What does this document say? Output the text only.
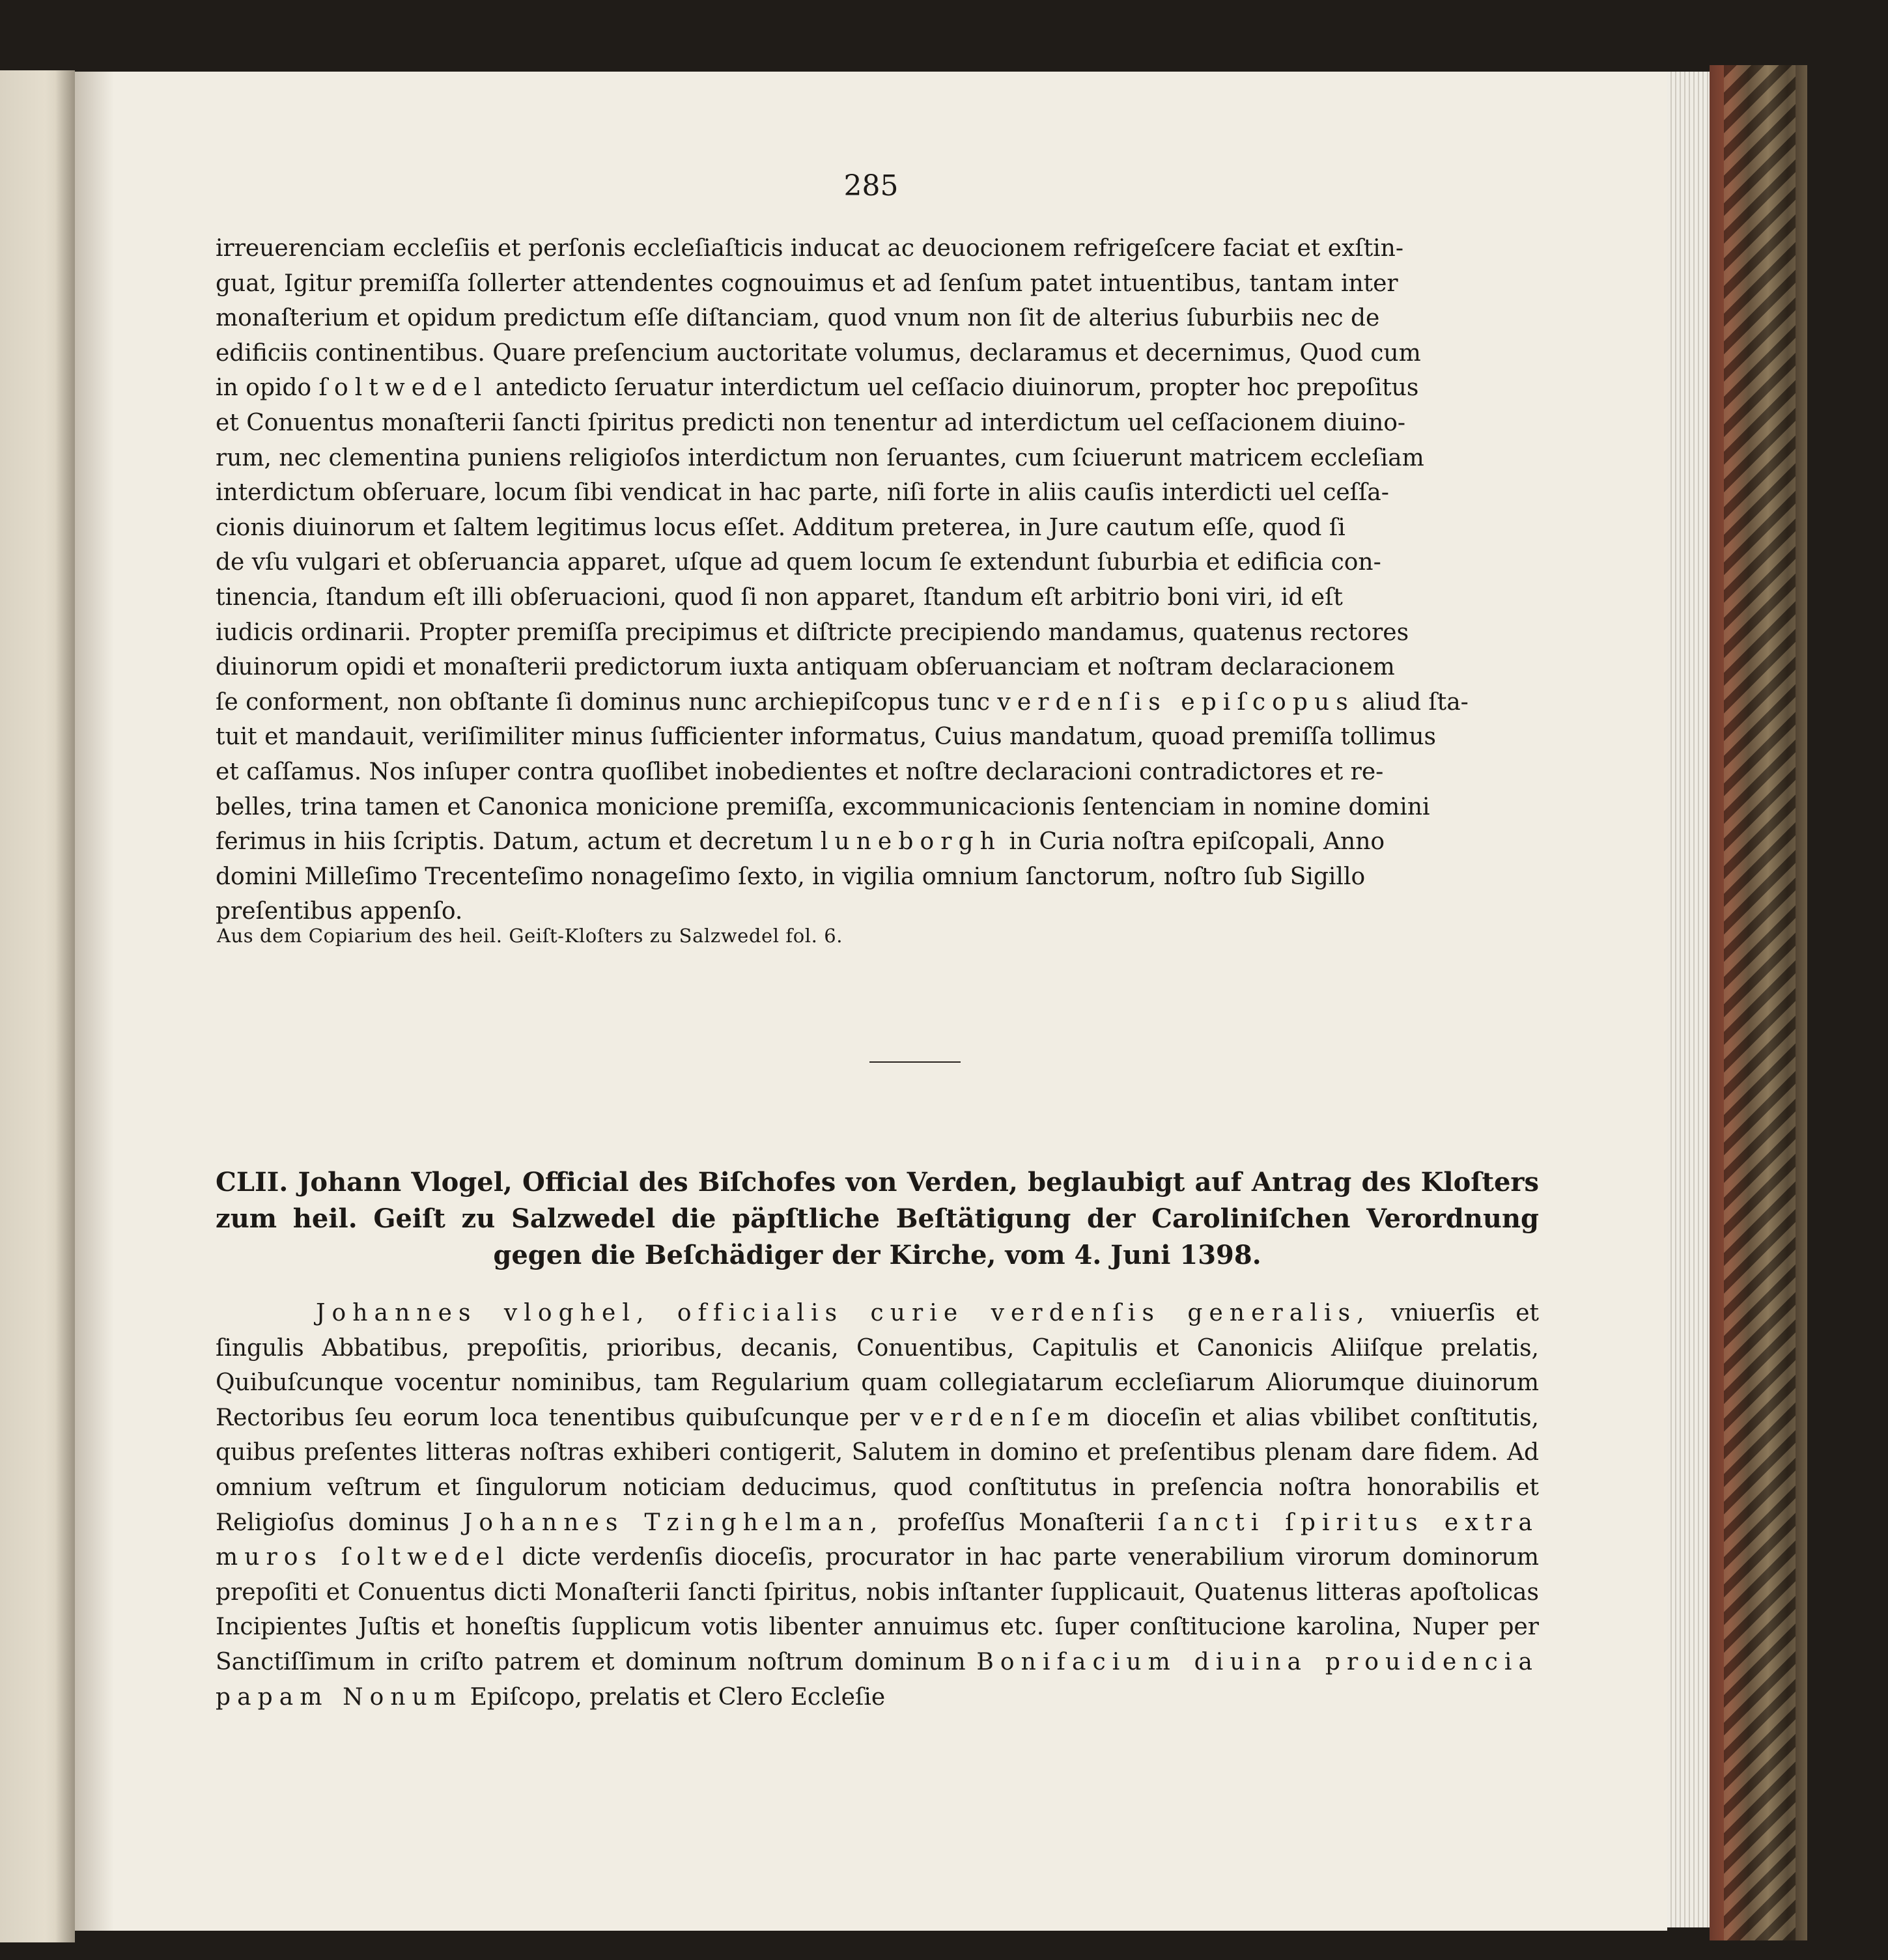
285

irreuerenciam eccleſiis et perſonis eccleſiaſticis inducat ac deuocionem refrigeſcere faciat et exſtin-

guat, Igitur premiſſa ſollerter attendentes cognouimus et ad ſenſum patet intuentibus, tantam inter

monaſterium et opidum predictum eſſe diſtanciam, quod vnum non ſit de alterius ſuburbiis nec de

edificiis continentibus. Quare preſencium auctoritate volumus, declaramus et decernimus, Quod cum

in opido ſoltwedel antedicto ſeruatur interdictum uel ceſſacio diuinorum, propter hoc prepoſitus

et Conuentus monaſterii ſancti ſpiritus predicti non tenentur ad interdictum uel ceſſacionem diuino-

rum, nec clementina puniens religioſos interdictum non ſeruantes, cum ſciuerunt matricem eccleſiam

interdictum obſeruare, locum ſibi vendicat in hac parte, niſi forte in aliis cauſis interdicti uel ceſſa-

cionis diuinorum et ſaltem legitimus locus eſſet. Additum preterea, in Jure cautum eſſe, quod ſi

de vſu vulgari et obſeruancia apparet, uſque ad quem locum ſe extendunt ſuburbia et edificia con-

tinencia, ſtandum eſt illi obſeruacioni, quod ſi non apparet, ſtandum eſt arbitrio boni viri, id eſt

iudicis ordinarii. Propter premiſſa precipimus et diſtricte precipiendo mandamus, quatenus rectores

diuinorum opidi et monaſterii predictorum iuxta antiquam obſeruanciam et noſtram declaracionem

ſe conforment, non obſtante ſi dominus nunc archiepiſcopus tunc verdenſis epiſcopus aliud ſta-

tuit et mandauit, veriſimiliter minus ſufficienter informatus, Cuius mandatum, quoad premiſſa tollimus

et caſſamus. Nos inſuper contra quoſlibet inobedientes et noſtre declaracioni contradictores et re-

belles, trina tamen et Canonica monicione premiſſa, excommunicacionis ſentenciam in nomine domini

ferimus in hiis ſcriptis. Datum, actum et decretum luneborgh in Curia noſtra epiſcopali, Anno

domini Milleſimo Trecenteſimo nonageſimo ſexto, in vigilia omnium ſanctorum, noſtro ſub Sigillo

preſentibus appenſo.

Aus dem Copiarium des heil. Geiſt-Kloſters zu Salzwedel fol. 6.
CLII. Johann Vlogel, Official des Biſchofes von Verden, beglaubigt auf Antrag des Kloſters zum heil. Geiſt zu Salzwedel die päpſtliche Beſtätigung der Caroliniſchen Verordnung gegen die Beſchädiger der Kirche, vom 4. Juni 1398.
Johannes vloghel, officialis curie verdenſis generalis, vniuerſis et ſingulis Abbatibus, prepoſitis, prioribus, decanis, Conuentibus, Capitulis et Canonicis Aliiſque prelatis, Quibuſcunque vocentur nominibus, tam Regularium quam collegiatarum eccleſiarum Aliorumque diuinorum Rectoribus ſeu eorum loca tenentibus quibuſcunque per verdenſem dioceſin et alias vbilibet conſtitutis, quibus preſentes litteras noſtras exhiberi contigerit, Salutem in domino et preſentibus plenam dare fidem. Ad omnium veſtrum et ſingulorum noticiam deducimus, quod conſtitutus in preſencia noſtra honorabilis et Religioſus dominus Johannes Tzinghelman, profeſſus Monaſterii ſancti ſpiritus extra muros ſoltwedel dicte verdenſis dioceſis, procurator in hac parte venerabilium virorum dominorum prepoſiti et Conuentus dicti Monaſterii ſancti ſpiritus, nobis inſtanter ſupplicauit, Quatenus litteras apoſtolicas Incipientes Juſtis et honeſtis ſupplicum votis libenter annuimus etc. ſuper conſtitucione karolina, Nuper per Sanctiſſimum in criſto patrem et dominum noſtrum dominum Bonifacium diuina prouidencia papam Nonum Epiſcopo, prelatis et Clero Eccleſie
